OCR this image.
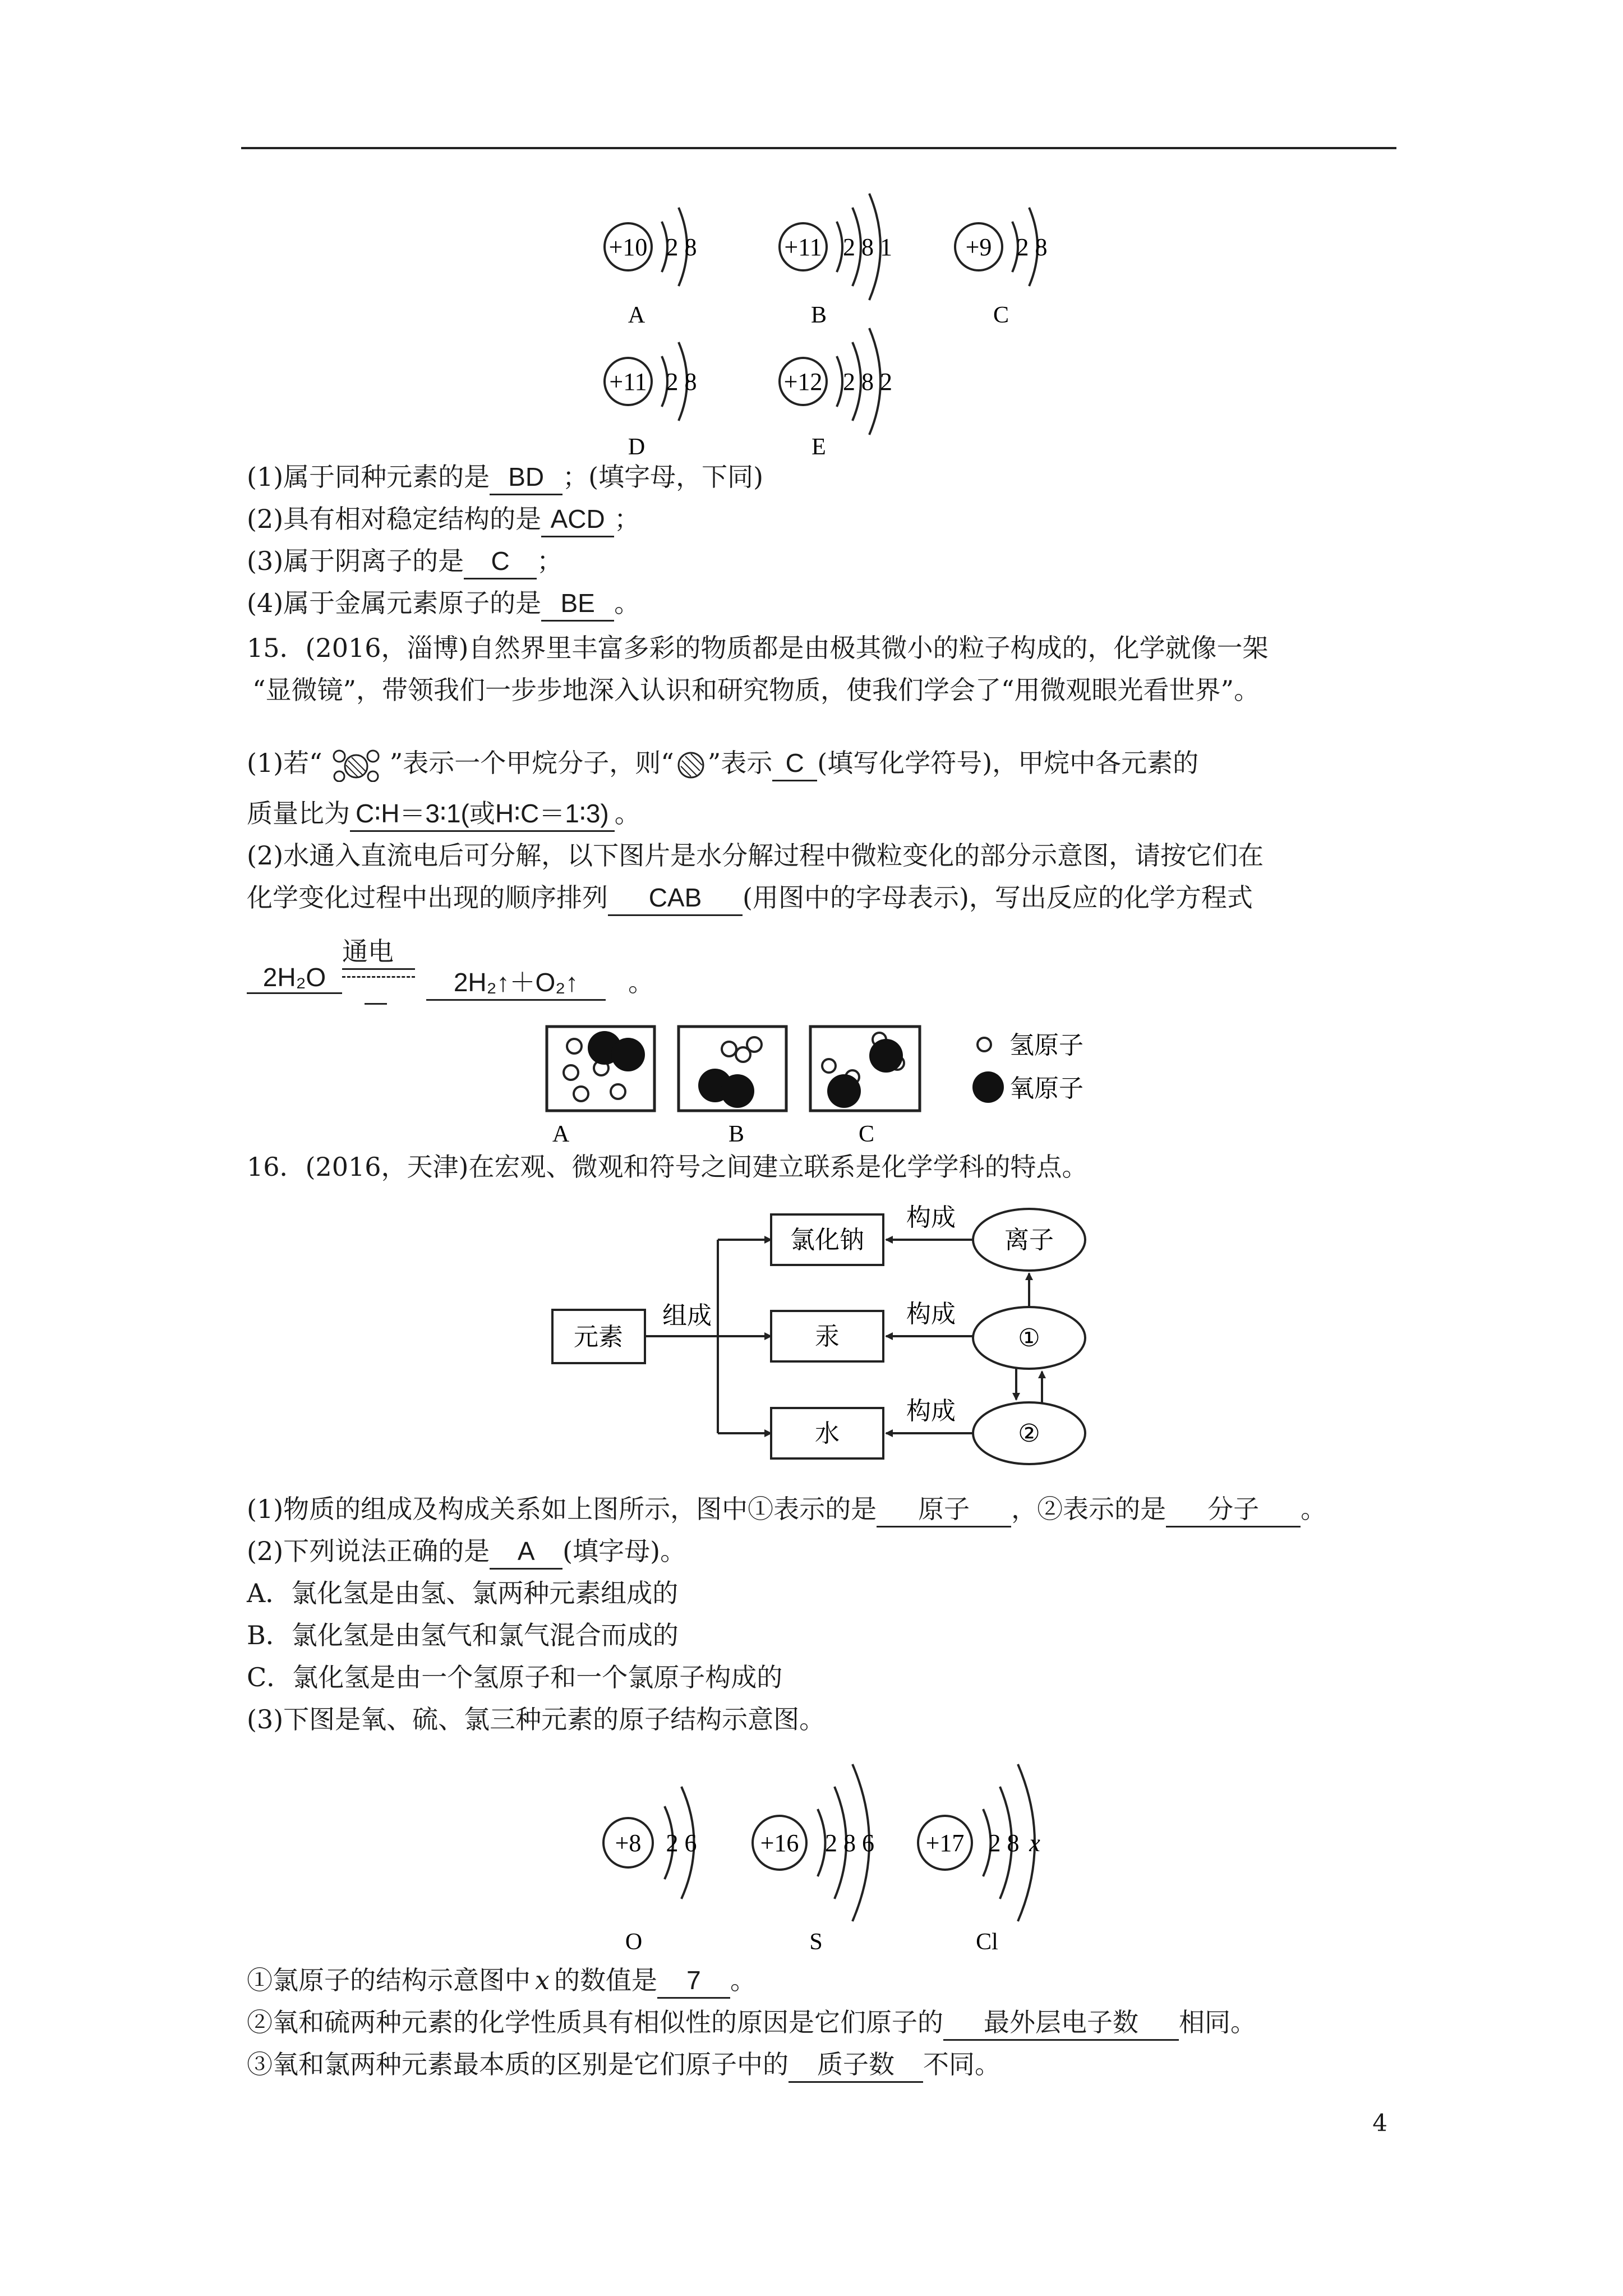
+10 2 8
A
+11 2 8 1
B
+9 2 8
C
+11 2 8
D
+12 2 8 2
E
(1)属于同种元素的是 BD ；(填字母，下同)
(2)具有相对稳定结构的是 ACD ；
(3)属于阴离子的是 C ；
(4)属于金属元素原子的是 BE 。
15．(2016，淄博)自然界里丰富多彩的物质都是由极其微小的粒子构成的，化学就像一架
“显微镜”，带领我们一步步地深入认识和研究物质，使我们学会了“用微观眼光看世界”。
(1)若“	”表示一个甲烷分子，则“ ”表示 C (填写化学符号)，甲烷中各元素的
质量比为 C∶H＝3∶1(或H∶C＝1∶3) 。
(2)水通入直流电后可分解，以下图片是水分解过程中微粒变化的部分示意图，请按它们在
化学变化过程中出现的顺序排列 CAB (用图中的字母表示)，写出反应的化学方程式
2H₂O
通电
2H₂↑＋O₂↑	。
A	B	C
氢原子
氧原子
16．(2016，天津)在宏观、微观和符号之间建立联系是化学学科的特点。
元素
组成
氯化钠
汞
水
构成
构成
构成
离子
①
②
(1)物质的组成及构成关系如上图所示，图中①表示的是 原子 ，②表示的是 分子 。
(2)下列说法正确的是 A (填字母)。
A．氯化氢是由氢、氯两种元素组成的
B．氯化氢是由氢气和氯气混合而成的
C．氯化氢是由一个氢原子和一个氯原子构成的
(3)下图是氧、硫、氯三种元素的原子结构示意图。
+8 2 6
O
+16 2 8 6
S
+17 2 8 x
Cl
①氯原子的结构示意图中 x 的数值是 7 。
②氧和硫两种元素的化学性质具有相似性的原因是它们原子的 最外层电子数 相同。
③氧和氯两种元素最本质的区别是它们原子中的 质子数 不同。
4
